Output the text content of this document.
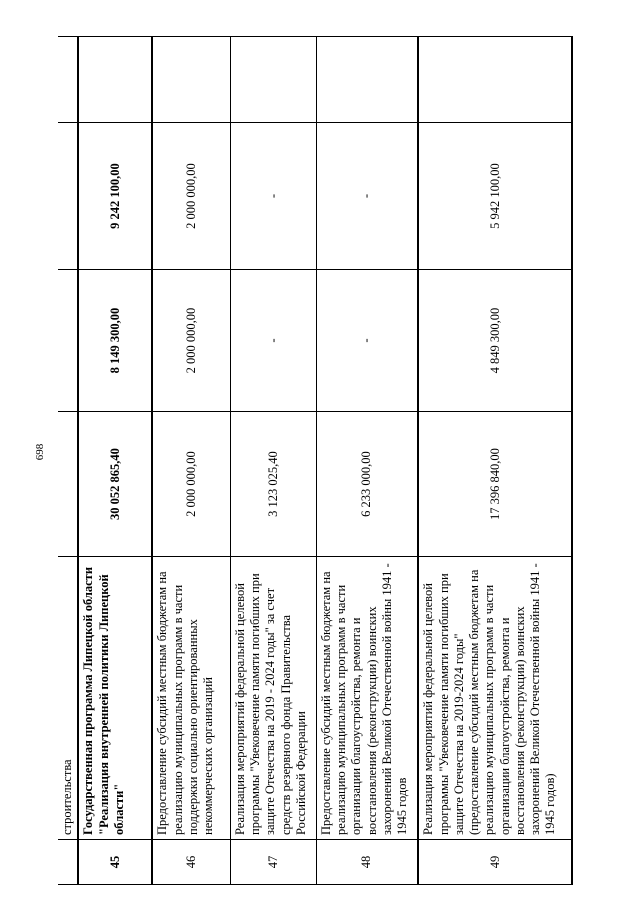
698
	строительства				
45	Государственная программа Липецкой области "Реализация внутренней политики Липецкой области"	30 052 865,40	8 149 300,00	9 242 100,00	
46	Предоставление субсидий местным бюджетам на реализацию муниципальных программ в части поддержки социально ориентированных некоммерческих организаций	2 000 000,00	2 000 000,00	2 000 000,00	
47	Реализация мероприятий федеральной целевой программы "Увековечение памяти погибших при защите Отечества на 2019 - 2024 годы" за счет средств резервного фонда Правительства Российской Федерации	3 123 025,40	-	-	
48	Предоставление субсидий местным бюджетам на реализацию муниципальных программ в части организации благоустройства, ремонта и восстановления (реконструкции) воинских захоронений Великой Отечественной войны 1941 - 1945 годов	6 233 000,00	-	-	
49	Реализация мероприятий федеральной целевой программы "Увековечение памяти погибших при защите Отечества на 2019-2024 годы" (предоставление субсидий местным бюджетам на реализацию муниципальных программ в части организации благоустройства, ремонта и восстановления (реконструкции) воинских захоронений Великой Отечественной войны 1941 - 1945 годов)	17 396 840,00	4 849 300,00	5 942 100,00	
